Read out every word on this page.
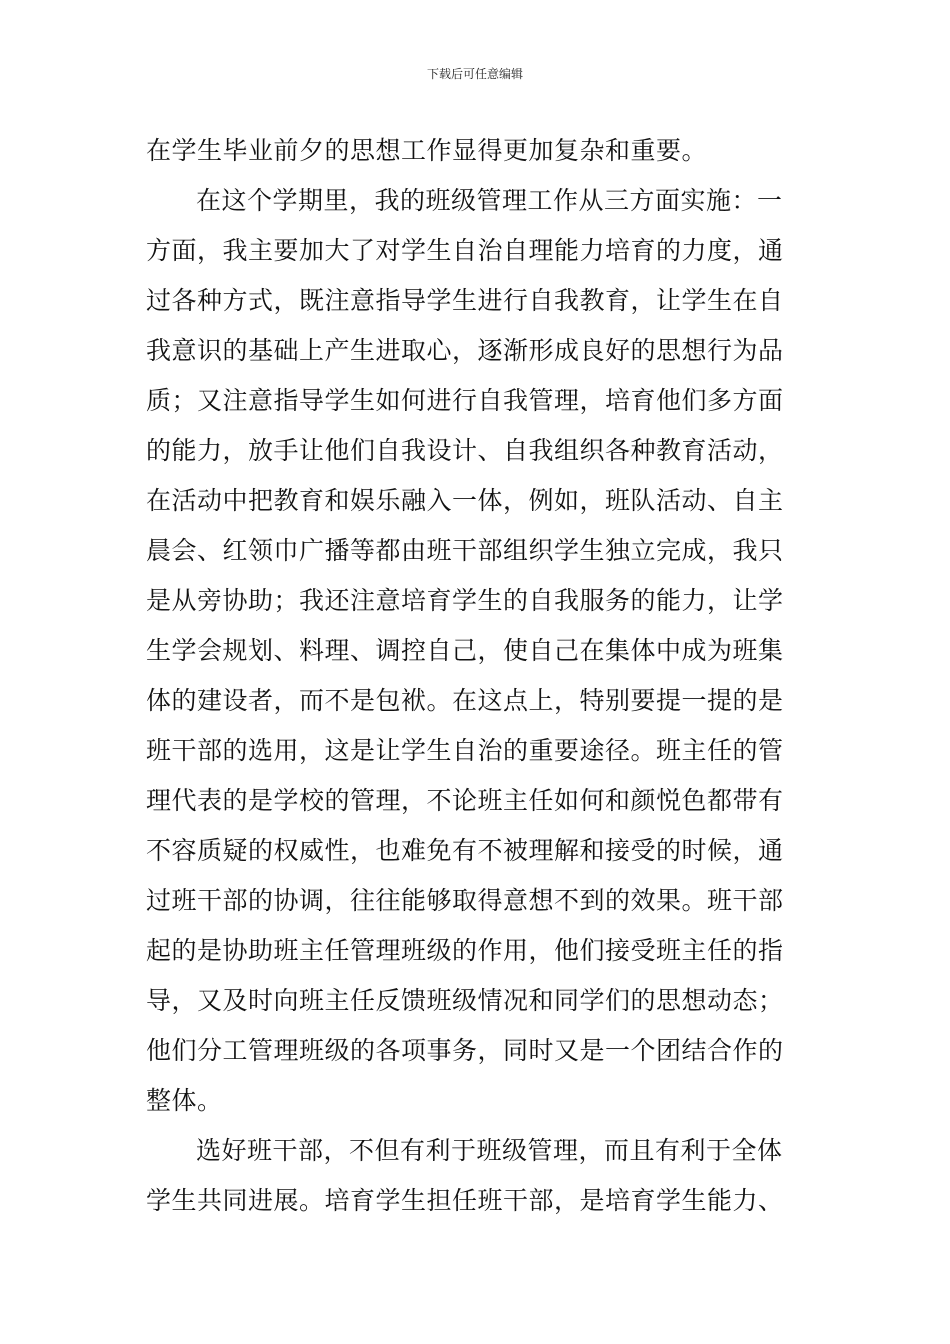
下载后可任意编辑
在学生毕业前夕的思想工作显得更加复杂和重要。
在这个学期里，我的班级管理工作从三方面实施：一
方面，我主要加大了对学生自治自理能力培育的力度，通
过各种方式，既注意指导学生进行自我教育，让学生在自
我意识的基础上产生进取心，逐渐形成良好的思想行为品
质；又注意指导学生如何进行自我管理，培育他们多方面
的能力，放手让他们自我设计、自我组织各种教育活动，
在活动中把教育和娱乐融入一体，例如，班队活动、自主
晨会、红领巾广播等都由班干部组织学生独立完成，我只
是从旁协助；我还注意培育学生的自我服务的能力，让学
生学会规划、料理、调控自己，使自己在集体中成为班集
体的建设者，而不是包袱。在这点上，特别要提一提的是
班干部的选用，这是让学生自治的重要途径。班主任的管
理代表的是学校的管理，不论班主任如何和颜悦色都带有
不容质疑的权威性，也难免有不被理解和接受的时候，通
过班干部的协调，往往能够取得意想不到的效果。班干部
起的是协助班主任管理班级的作用，他们接受班主任的指
导，又及时向班主任反馈班级情况和同学们的思想动态；
他们分工管理班级的各项事务，同时又是一个团结合作的
整体。
选好班干部，不但有利于班级管理，而且有利于全体
学生共同进展。培育学生担任班干部，是培育学生能力、
